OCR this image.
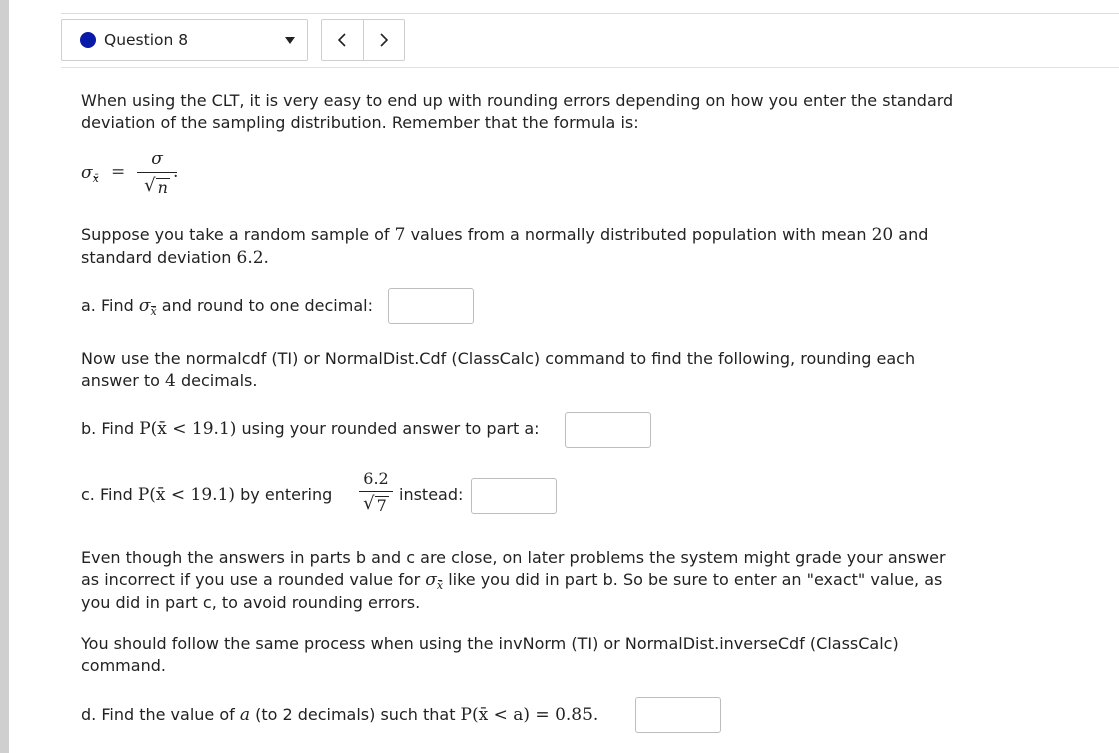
Question 8
When using the CLT, it is very easy to end up with rounding errors depending on how you enter the standard
deviation of the sampling distribution. Remember that the formula is:
σx̄ =
σ
√ n
.
Suppose you take a random sample of 7 values from a normally distributed population with mean 20 and
standard deviation 6.2.
a. Find σx̄ and round to one decimal:
Now use the normalcdf (TI) or NormalDist.Cdf (ClassCalc) command to find the following, rounding each
answer to 4 decimals.
b. Find P(x̄ < 19.1) using your rounded answer to part a:
c. Find P(x̄ < 19.1) by entering
6.2
√ 7
instead:
Even though the answers in parts b and c are close, on later problems the system might grade your answer
as incorrect if you use a rounded value for σx̄ like you did in part b. So be sure to enter an "exact" value, as
you did in part c, to avoid rounding errors.
You should follow the same process when using the invNorm (TI) or NormalDist.inverseCdf (ClassCalc)
command.
d. Find the value of a (to 2 decimals) such that P(x̄ < a) = 0.85.
